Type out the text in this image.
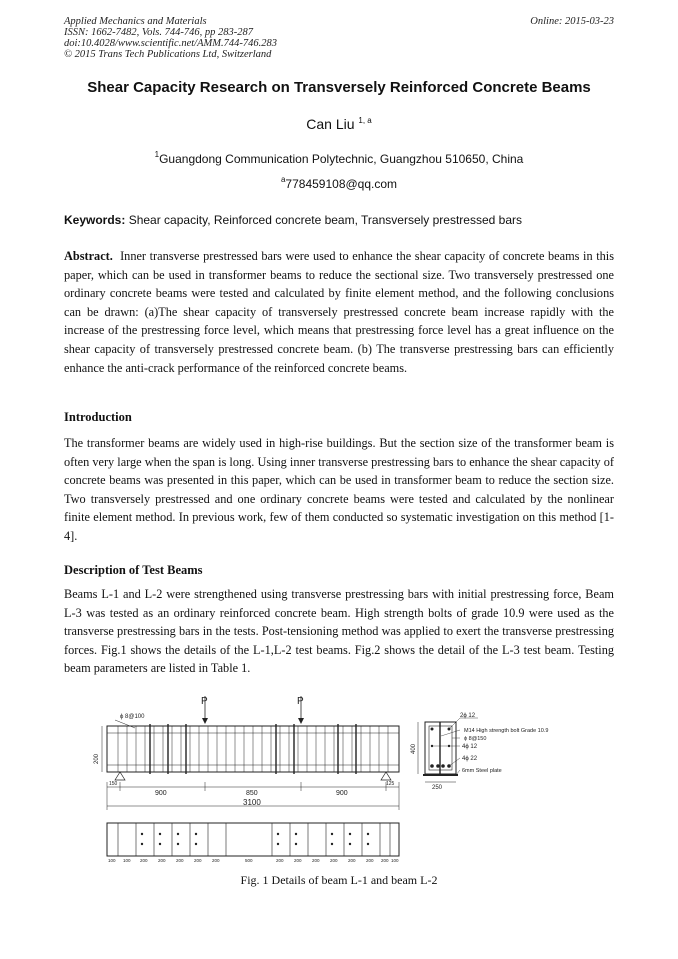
Applied Mechanics and Materials
ISSN: 1662-7482, Vols. 744-746, pp 283-287
doi:10.4028/www.scientific.net/AMM.744-746.283
© 2015 Trans Tech Publications Ltd, Switzerland
Online: 2015-03-23
Shear Capacity Research on Transversely Reinforced Concrete Beams
Can Liu $^{1, a}$
$^1$Guangdong Communication Polytechnic, Guangzhou 510650, China
$^a$778459108@qq.com
Keywords: Shear capacity, Reinforced concrete beam, Transversely prestressed bars
Abstract. Inner transverse prestressed bars were used to enhance the shear capacity of concrete beams in this paper, which can be used in transformer beams to reduce the sectional size. Two transversely prestressed one ordinary concrete beams were tested and calculated by finite element method, and the following conclusions can be drawn: (a)The shear capacity of transversely prestressed concrete beam increase rapidly with the increase of the prestressing force level, which means that prestressing force level has a great influence on the shear capacity of transversely prestressed concrete beam. (b) The transverse prestressing bars can efficiently enhance the anti-crack performance of the reinforced concrete beams.
Introduction
The transformer beams are widely used in high-rise buildings. But the section size of the transformer beam is often very large when the span is long. Using inner transverse prestressing bars to enhance the shear capacity of concrete beams was presented in this paper, which can be used in transformer beam to reduce the section size. Two transversely prestressed and one ordinary concrete beams were tested and calculated by the nonlinear finite element method. In previous work, few of them conducted so systematic investigation on this method [1-4].
Description of Test Beams
Beams L-1 and L-2 were strengthened using transverse prestressing bars with initial prestressing force, Beam L-3 was tested as an ordinary reinforced concrete beam. High strength bolts of grade 10.9 were used as the transverse prestressing bars in the tests. Post-tensioning method was applied to exert the transverse prestressing forces. Fig.1 shows the details of the L-1,L-2 test beams. Fig.2 shows the detail of the L-3 test beam. Testing beam parameters are listed in Table 1.
P	P
ϕ 8@100
200
150
900	850	900
125
3100
100 100 200 200 200 200 200	500	200 200 200 200 200 200 200 100
400
250
2ϕ 12
M14 High strength bolt Grade 10.9
ϕ 8@150
4ϕ 12
4ϕ 22
6mm Steel plate
Fig. 1 Details of beam L-1 and beam L-2
